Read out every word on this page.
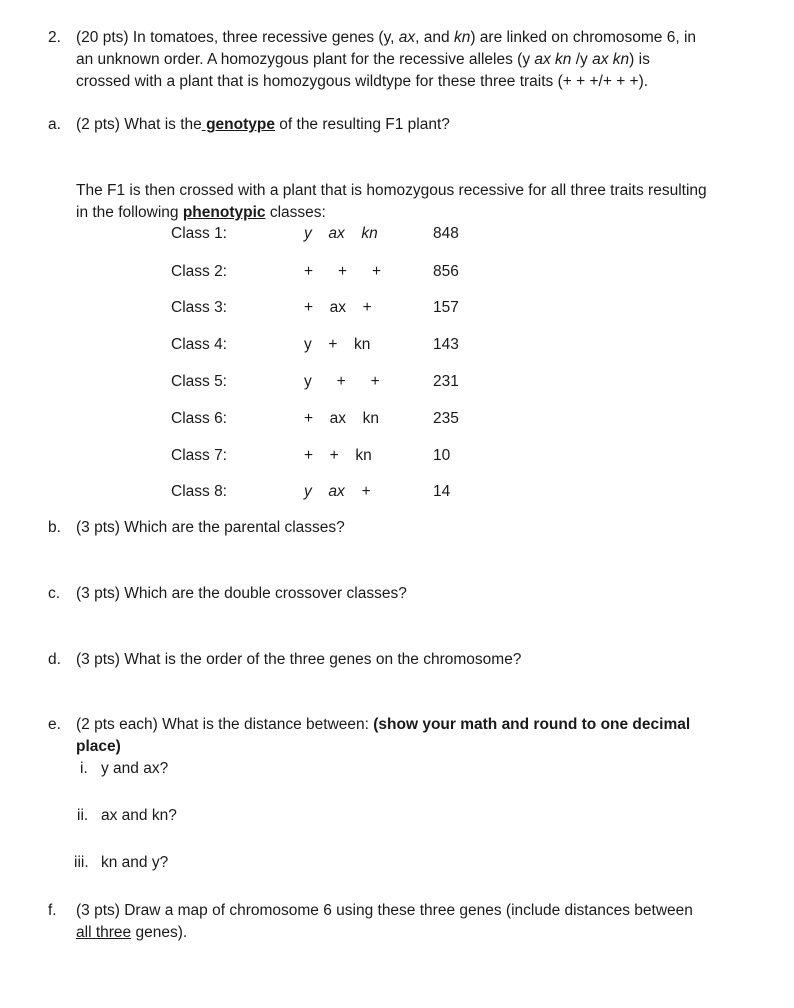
2. (20 pts) In tomatoes, three recessive genes (y, ax, and kn) are linked on chromosome 6, in
an unknown order. A homozygous plant for the recessive alleles (y ax kn /y ax kn) is
crossed with a plant that is homozygous wildtype for these three traits (+ + +/+ + +).
a. (2 pts) What is the genotype of the resulting F1 plant?
The F1 is then crossed with a plant that is homozygous recessive for all three traits resulting
in the following phenotypic classes:
Class 1:	y  ax  kn	848
Class 2:	+   +   +	856
Class 3:	+  ax  +	157
Class 4:	y  +  kn	143
Class 5:	y   +   +	231
Class 6:	+  ax  kn	235
Class 7:	+  +  kn	10
Class 8:	y  ax  +	14
b. (3 pts) Which are the parental classes?
c. (3 pts) Which are the double crossover classes?
d. (3 pts) What is the order of the three genes on the chromosome?
e. (2 pts each) What is the distance between: (show your math and round to one decimal
place)
i. y and ax?
ii. ax and kn?
iii. kn and y?
f. (3 pts) Draw a map of chromosome 6 using these three genes (include distances between
all three genes).
